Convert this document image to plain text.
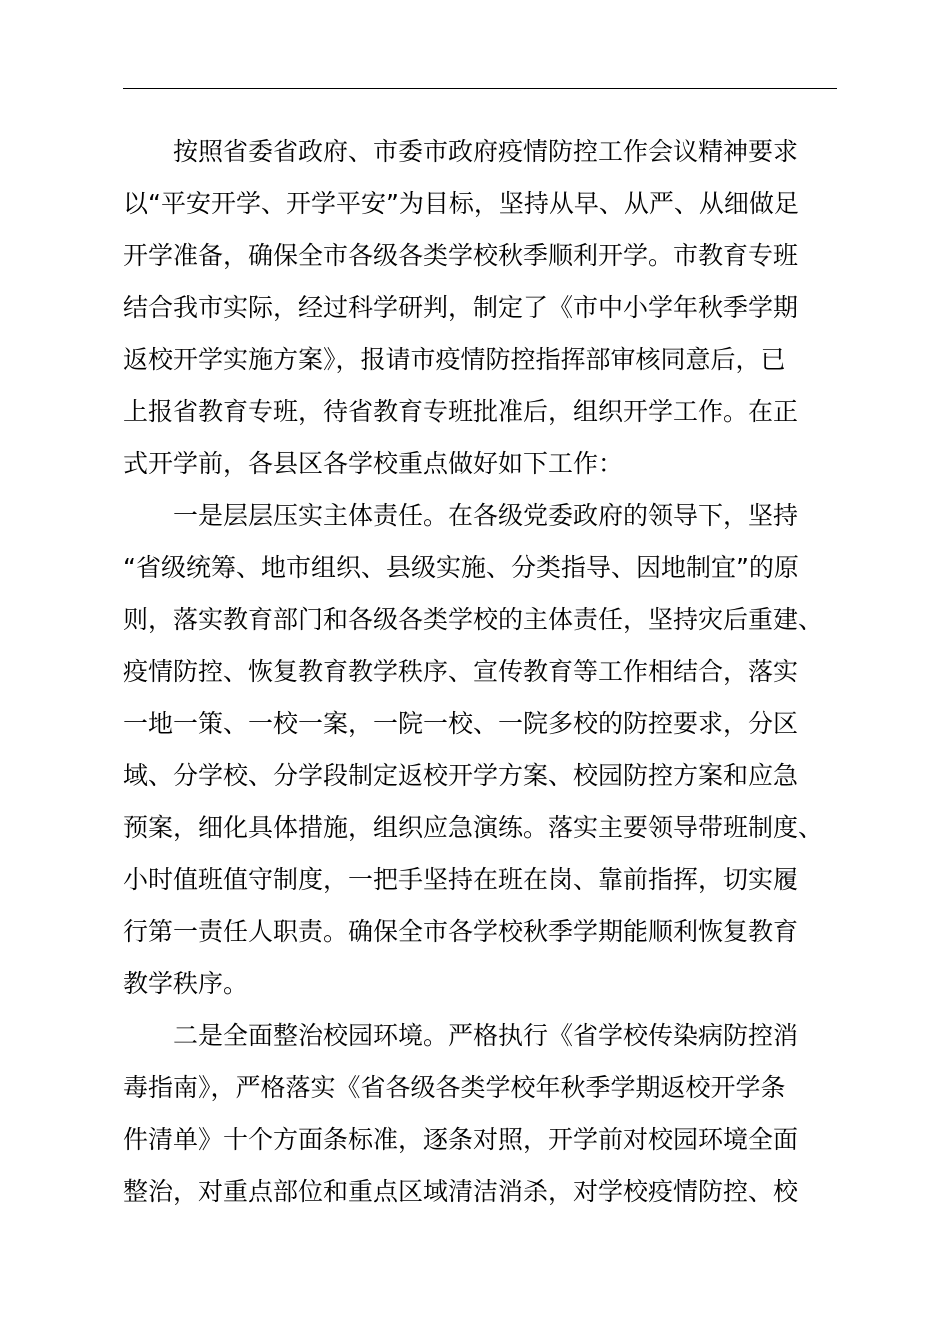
　　按照省委省政府、市委市政府疫情防控工作会议精神要求
以“平安开学、开学平安”为目标，坚持从早、从严、从细做足
开学准备，确保全市各级各类学校秋季顺利开学。市教育专班
结合我市实际，经过科学研判，制定了《市中小学年秋季学期
返校开学实施方案》，报请市疫情防控指挥部审核同意后，已
上报省教育专班，待省教育专班批准后，组织开学工作。在正
式开学前，各县区各学校重点做好如下工作：
　　一是层层压实主体责任。在各级党委政府的领导下，坚持
“省级统筹、地市组织、县级实施、分类指导、因地制宜”的原
则，落实教育部门和各级各类学校的主体责任，坚持灾后重建、
疫情防控、恢复教育教学秩序、宣传教育等工作相结合，落实
一地一策、一校一案，一院一校、一院多校的防控要求，分区
域、分学校、分学段制定返校开学方案、校园防控方案和应急
预案，细化具体措施，组织应急演练。落实主要领导带班制度、
小时值班值守制度，一把手坚持在班在岗、靠前指挥，切实履
行第一责任人职责。确保全市各学校秋季学期能顺利恢复教育
教学秩序。
　　二是全面整治校园环境。严格执行《省学校传染病防控消
毒指南》，严格落实《省各级各类学校年秋季学期返校开学条
件清单》十个方面条标准，逐条对照，开学前对校园环境全面
整治，对重点部位和重点区域清洁消杀，对学校疫情防控、校
